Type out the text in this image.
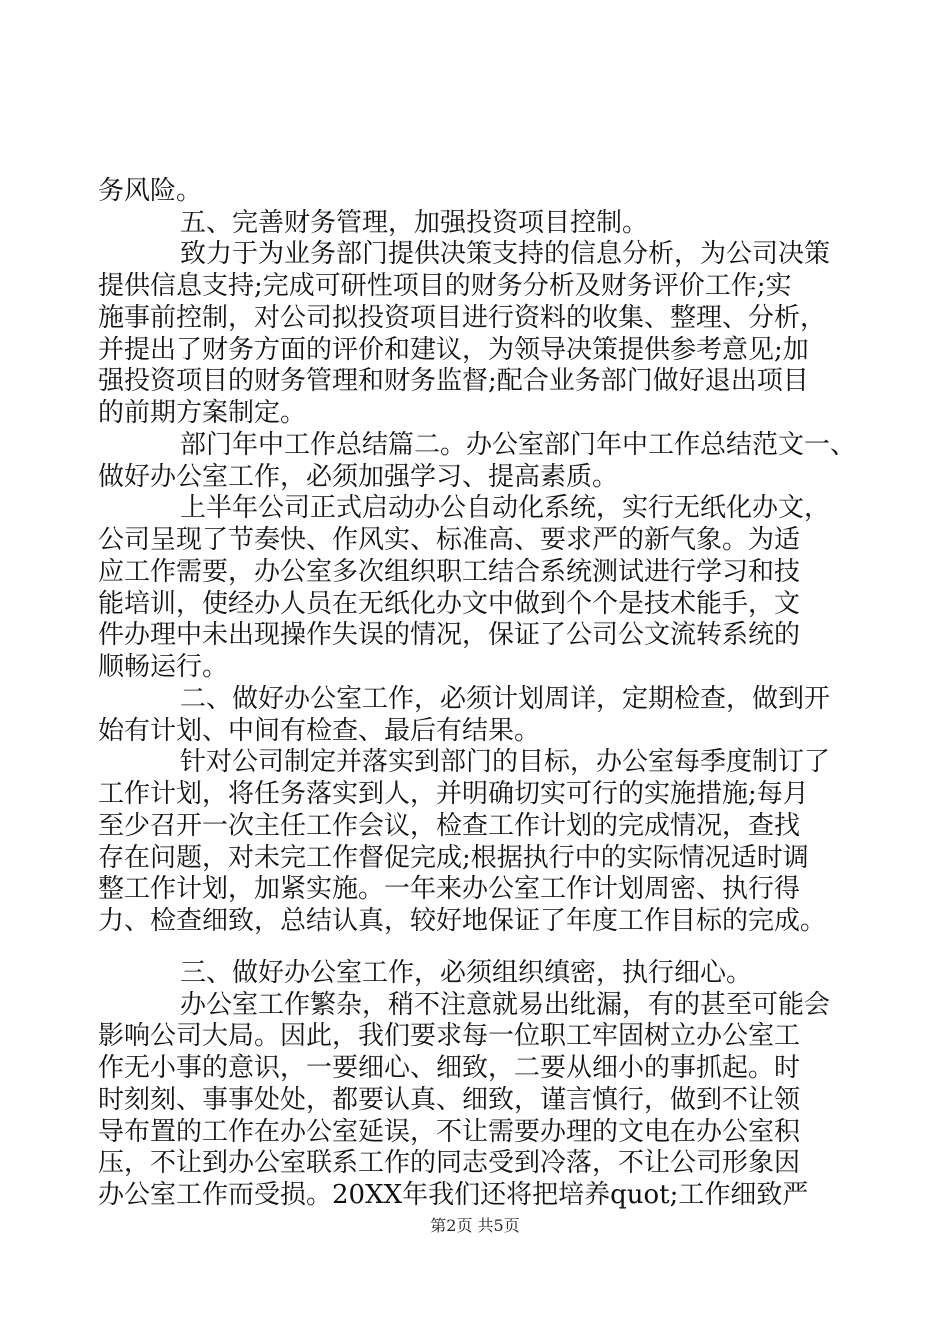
务风险。
五、完善财务管理，加强投资项目控制。
致力于为业务部门提供决策支持的信息分析，为公司决策
提供信息支持;完成可研性项目的财务分析及财务评价工作;实
施事前控制，对公司拟投资项目进行资料的收集、整理、分析，
并提出了财务方面的评价和建议，为领导决策提供参考意见;加
强投资项目的财务管理和财务监督;配合业务部门做好退出项目
的前期方案制定。
部门年中工作总结篇二。办公室部门年中工作总结范文一、
做好办公室工作，必须加强学习、提高素质。
上半年公司正式启动办公自动化系统，实行无纸化办文，
公司呈现了节奏快、作风实、标准高、要求严的新气象。为适
应工作需要，办公室多次组织职工结合系统测试进行学习和技
能培训，使经办人员在无纸化办文中做到个个是技术能手，文
件办理中未出现操作失误的情况，保证了公司公文流转系统的
顺畅运行。
二、做好办公室工作，必须计划周详，定期检查，做到开
始有计划、中间有检查、最后有结果。
针对公司制定并落实到部门的目标，办公室每季度制订了
工作计划，将任务落实到人，并明确切实可行的实施措施;每月
至少召开一次主任工作会议，检查工作计划的完成情况，查找
存在问题，对未完工作督促完成;根据执行中的实际情况适时调
整工作计划，加紧实施。一年来办公室工作计划周密、执行得
力、检查细致，总结认真，较好地保证了年度工作目标的完成。
三、做好办公室工作，必须组织缜密，执行细心。
办公室工作繁杂，稍不注意就易出纰漏，有的甚至可能会
影响公司大局。因此，我们要求每一位职工牢固树立办公室工
作无小事的意识，一要细心、细致，二要从细小的事抓起。时
时刻刻、事事处处，都要认真、细致，谨言慎行，做到不让领
导布置的工作在办公室延误，不让需要办理的文电在办公室积
压，不让到办公室联系工作的同志受到冷落，不让公司形象因
办公室工作而受损。20XX年我们还将把培养quot;工作细致严
第2页 共5页
